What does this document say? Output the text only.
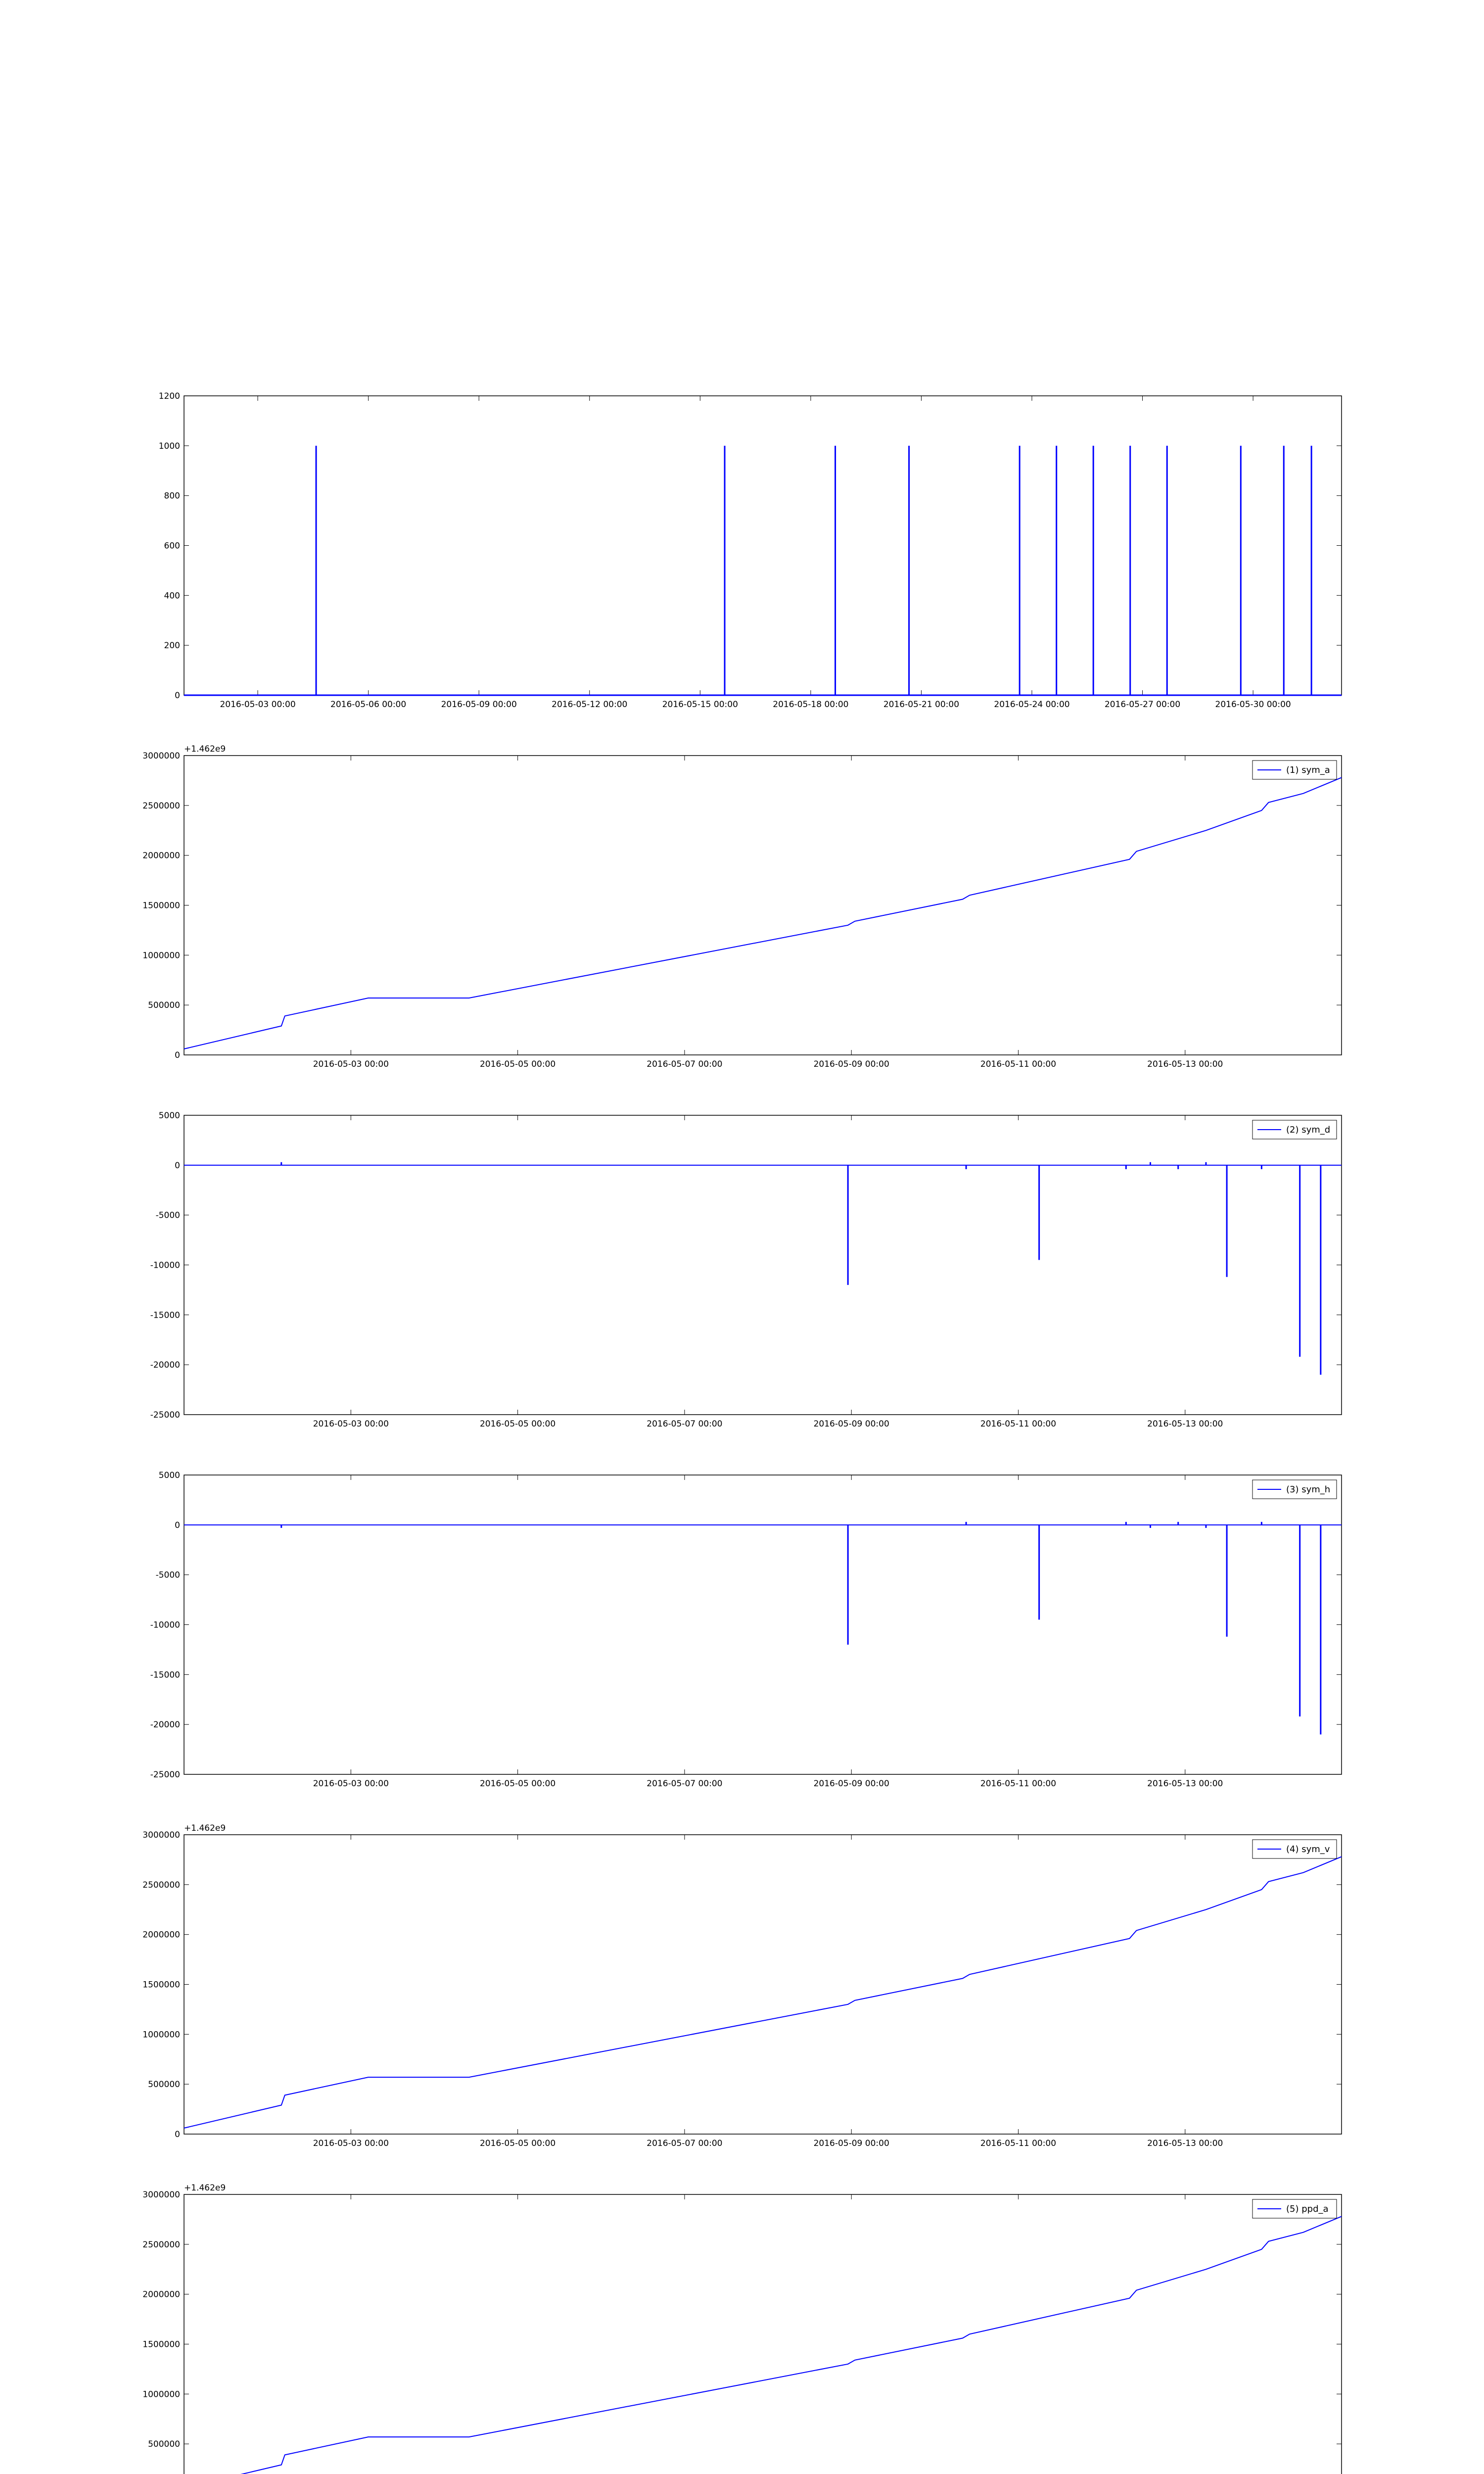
0
200
400
600
800
1000
1200
2016-05-03 00:00	2016-05-06 00:00	2016-05-09 00:00	2016-05-12 00:00	2016-05-15 00:00	2016-05-18 00:00	2016-05-21 00:00	2016-05-24 00:00	2016-05-27 00:00	2016-05-30 00:00
0
500000
1000000
1500000
2000000
2500000
3000000
2016-05-03 00:00	2016-05-05 00:00	2016-05-07 00:00	2016-05-09 00:00	2016-05-11 00:00	2016-05-13 00:00
+1.462e9
(1) sym_a
-25000
-20000
-15000
-10000
-5000
0
5000
2016-05-03 00:00	2016-05-05 00:00	2016-05-07 00:00	2016-05-09 00:00	2016-05-11 00:00	2016-05-13 00:00
(2) sym_d
-25000
-20000
-15000
-10000
-5000
0
5000
2016-05-03 00:00	2016-05-05 00:00	2016-05-07 00:00	2016-05-09 00:00	2016-05-11 00:00	2016-05-13 00:00
(3) sym_h
0
500000
1000000
1500000
2000000
2500000
3000000
2016-05-03 00:00	2016-05-05 00:00	2016-05-07 00:00	2016-05-09 00:00	2016-05-11 00:00	2016-05-13 00:00
+1.462e9
(4) sym_v
500000
1000000
1500000
2000000
2500000
3000000
+1.462e9
(5) ppd_a
